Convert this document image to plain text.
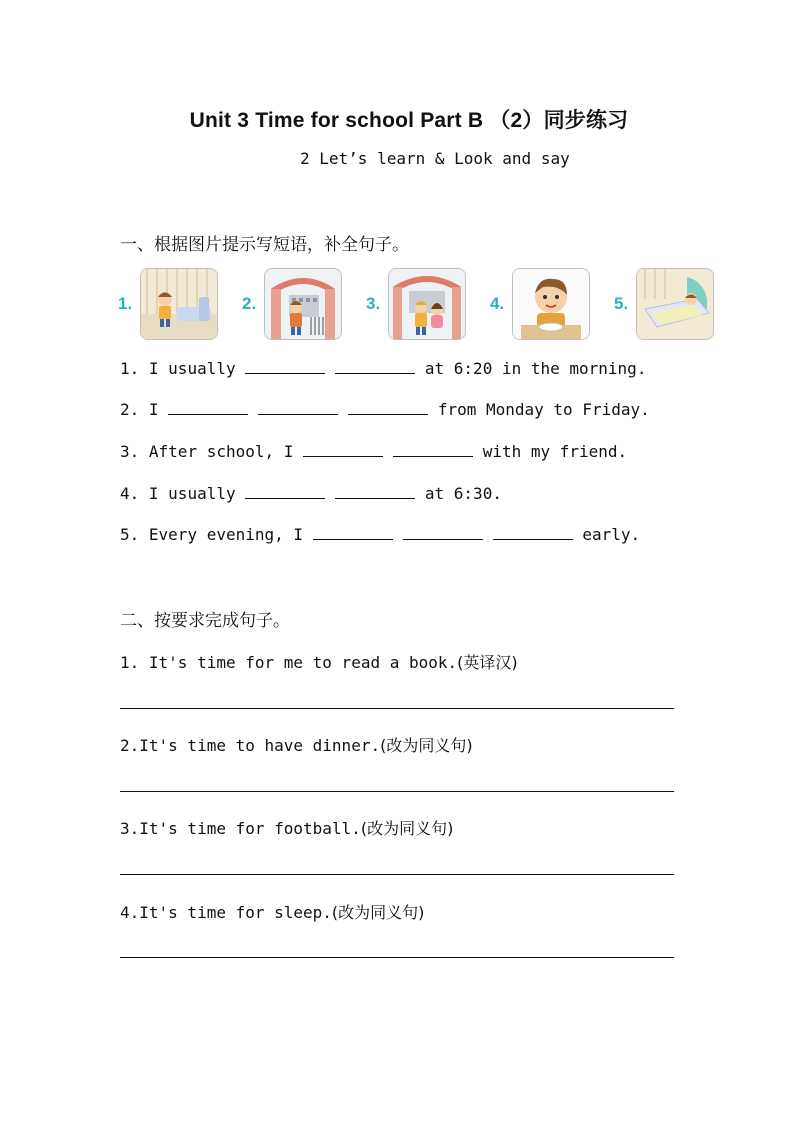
Unit 3 Time for school Part B （2）同步练习
2 Let’s learn & Look and say
一、根据图片提示写短语，补全句子。
1.	2.	3.	4.	5.
1. I usually	at 6:20 in the morning.
2. I	from Monday to Friday.
3. After school, I	with my friend.
4. I usually	at 6:30.
5. Every evening, I	early.
二、按要求完成句子。
1. It's time for me to read a book.(英译汉)
2.It's time to have dinner.(改为同义句)
3.It's time for football.(改为同义句)
4.It's time for sleep.(改为同义句)
